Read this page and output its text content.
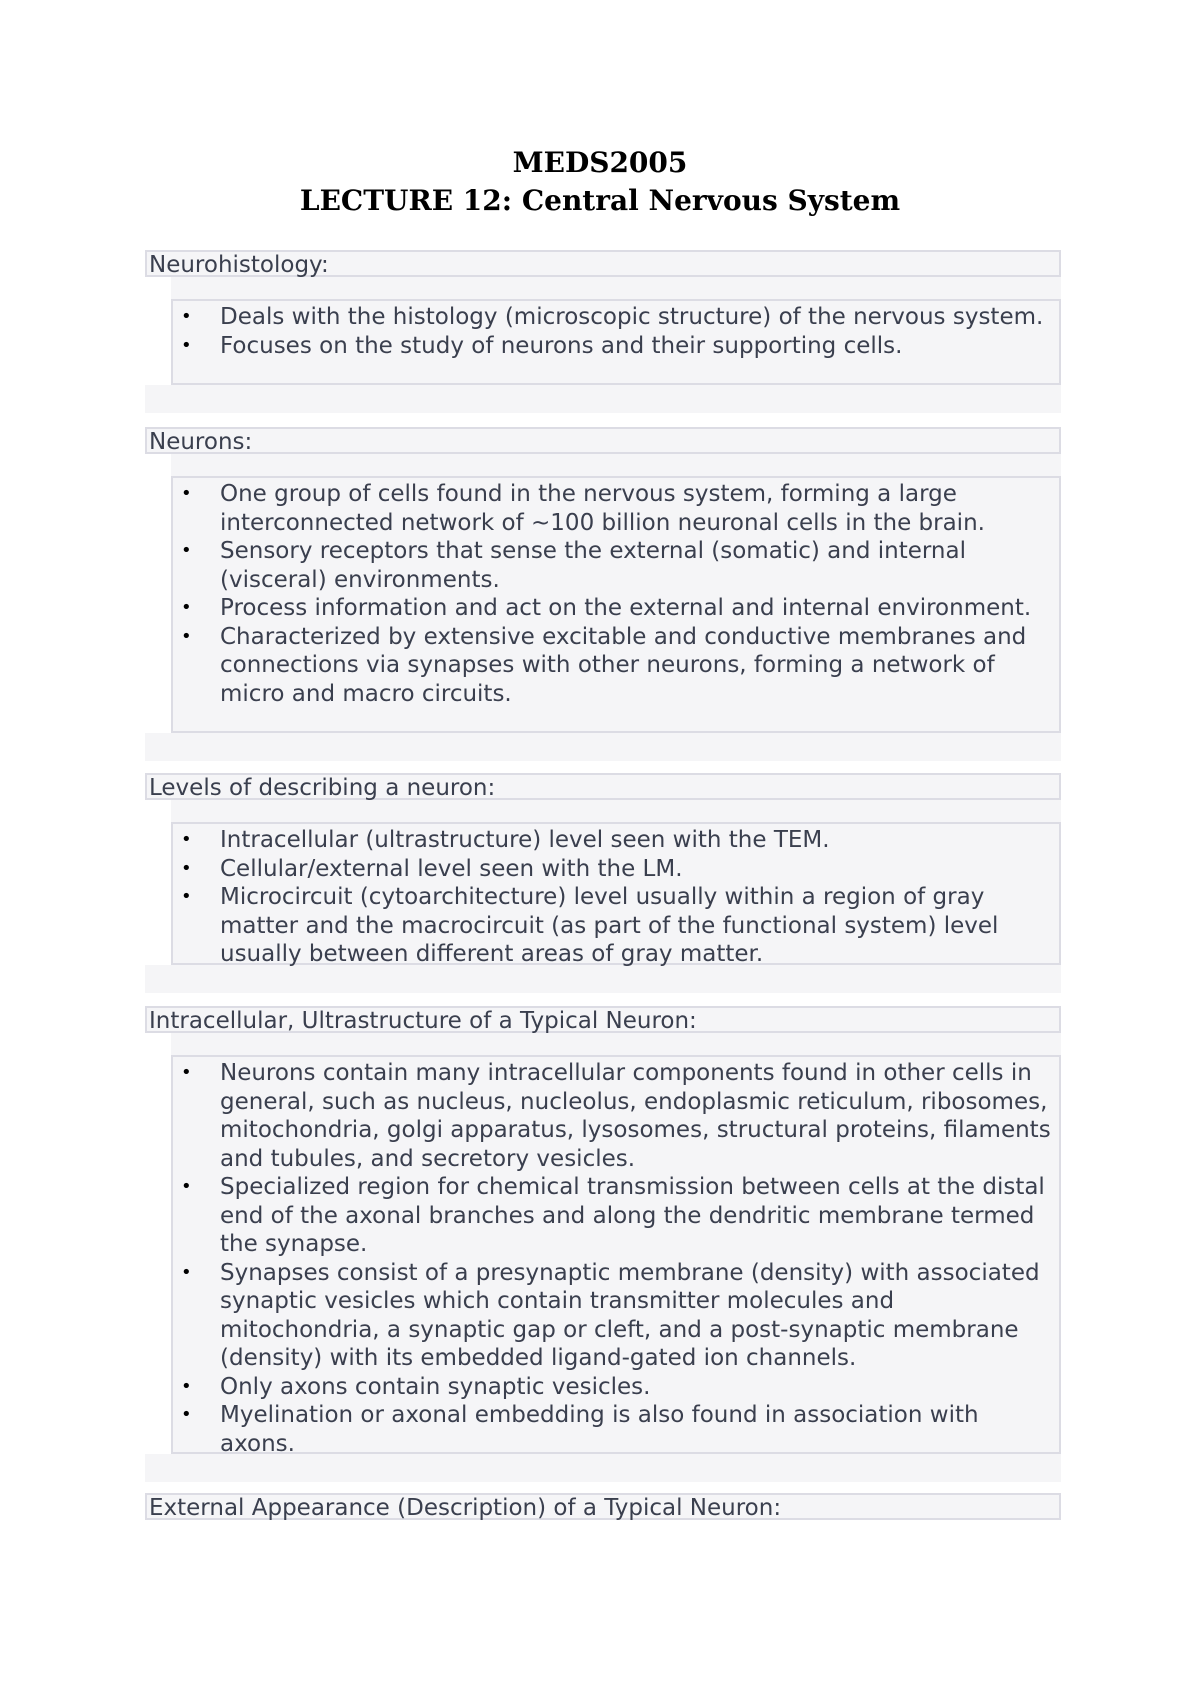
MEDS2005
LECTURE 12: Central Nervous System
Neurohistology:
• Deals with the histology (microscopic structure) of the nervous system.
• Focuses on the study of neurons and their supporting cells.
Neurons:
• One group of cells found in the nervous system, forming a large interconnected network of ~100 billion neuronal cells in the brain.
• Sensory receptors that sense the external (somatic) and internal (visceral) environments.
• Process information and act on the external and internal environment.
• Characterized by extensive excitable and conductive membranes and connections via synapses with other neurons, forming a network of micro and macro circuits.
Levels of describing a neuron:
• Intracellular (ultrastructure) level seen with the TEM.
• Cellular/external level seen with the LM.
• Microcircuit (cytoarchitecture) level usually within a region of gray matter and the macrocircuit (as part of the functional system) level usually between different areas of gray matter.
Intracellular, Ultrastructure of a Typical Neuron:
• Neurons contain many intracellular components found in other cells in general, such as nucleus, nucleolus, endoplasmic reticulum, ribosomes, mitochondria, golgi apparatus, lysosomes, structural proteins, filaments and tubules, and secretory vesicles.
• Specialized region for chemical transmission between cells at the distal end of the axonal branches and along the dendritic membrane termed the synapse.
• Synapses consist of a presynaptic membrane (density) with associated synaptic vesicles which contain transmitter molecules and mitochondria, a synaptic gap or cleft, and a post-synaptic membrane (density) with its embedded ligand-gated ion channels.
• Only axons contain synaptic vesicles.
• Myelination or axonal embedding is also found in association with axons.
External Appearance (Description) of a Typical Neuron:
